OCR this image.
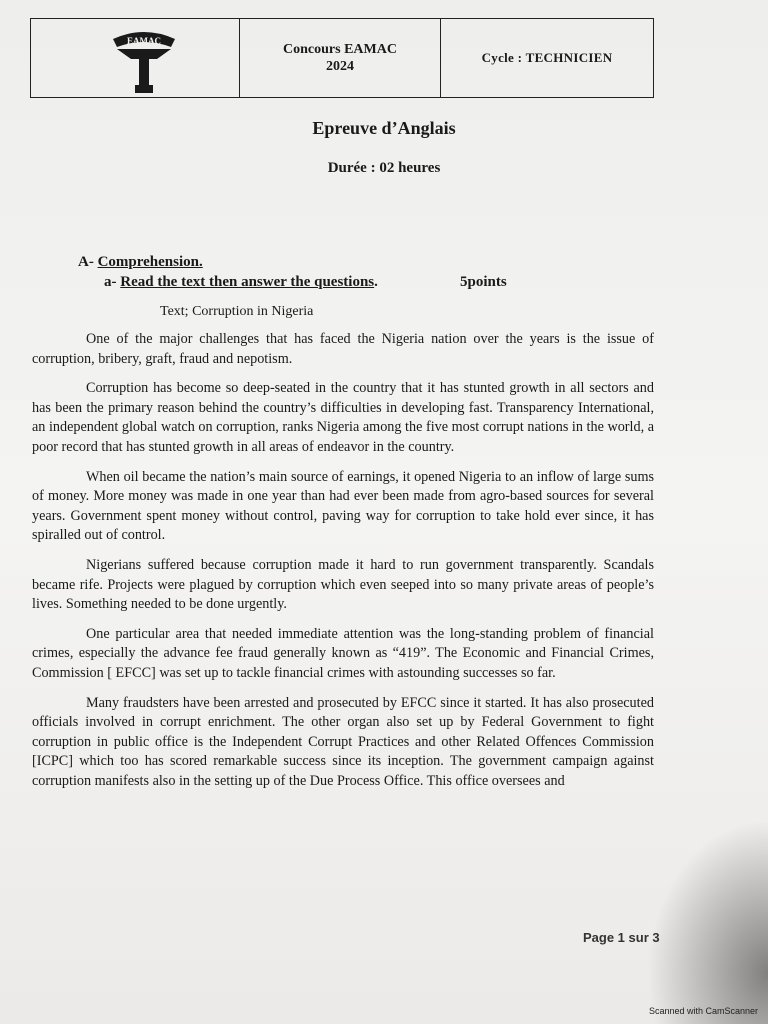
EAMAC
Concours EAMAC
2024
Cycle : TECHNICIEN
Epreuve d’Anglais
Durée : 02 heures
A- Comprehension.
a- Read the text then answer the questions.	5points
Text; Corruption in Nigeria

One of the major challenges that has faced the Nigeria nation over the years is the issue of corruption, bribery, graft, fraud and nepotism.

Corruption has become so deep-seated in the country that it has stunted growth in all sectors and has been the primary reason behind the country’s difficulties in developing fast. Transparency International, an independent global watch on corruption, ranks Nigeria among the five most corrupt nations in the world, a poor record that has stunted growth in all areas of endeavor in the country.

When oil became the nation’s main source of earnings, it opened Nigeria to an inflow of large sums of money. More money was made in one year than had ever been made from agro-based sources for several years. Government spent money without control, paving way for corruption to take hold ever since, it has spiralled out of control.

Nigerians suffered because corruption made it hard to run government transparently. Scandals became rife. Projects were plagued by corruption which even seeped into so many private areas of people’s lives. Something needed to be done urgently.

One particular area that needed immediate attention was the long-standing problem of financial crimes, especially the advance fee fraud generally known as “419”. The Economic and Financial Crimes, Commission [ EFCC] was set up to tackle financial crimes with astounding successes so far.

Many fraudsters have been arrested and prosecuted by EFCC since it started. It has also prosecuted officials involved in corrupt enrichment. The other organ also set up by Federal Government to fight corruption in public office is the Independent Corrupt Practices and other Related Offences Commission [ICPC] which too has scored remarkable success since its inception. The government campaign against corruption manifests also in the setting up of the Due Process Office. This office oversees and

Page 1 sur 3
Scanned with CamScanner
